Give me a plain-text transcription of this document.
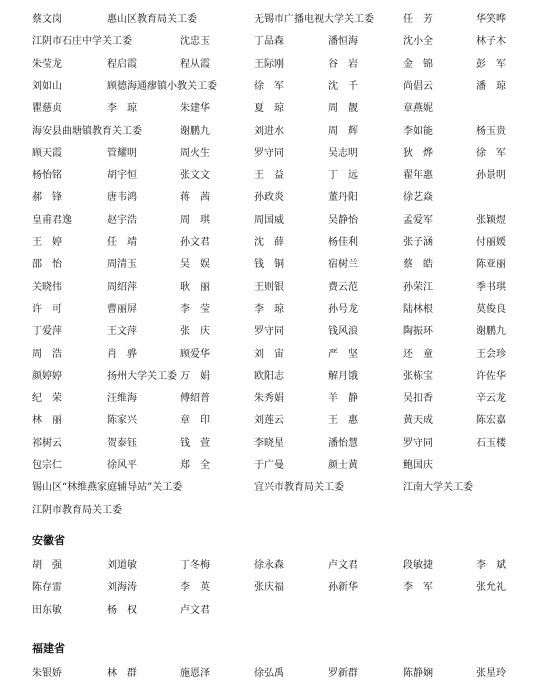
蔡文岗	惠山区教育局关工委	无锡市广播电视大学关工委	任　芳	华笑哗
江阴市石庄中学关工委	沈忠玉	丁品森	潘恒海	沈小全	林子木
朱莹龙	程启霞	程从霞	王际刚	谷　岩	金　锦	彭　军
刘如山	顾德海通瘳镇小教关工委	徐　军	沈　千	尚倡云	潘　琼
瞿慈贞	李　琼	朱建华	夏　琼	周　靓	章燕妮
海安县曲塘镇教育关工委	谢鹏九	刘进水	周　辉	李如能	杨玉贵
顾天霞	管耀明	周火生	罗守同	吴志明	狄　烨	徐　军
杨怡铭	胡宇恒	张文文	王　益	丁　远	翟年惠	孙景明
郝　锋	唐韦鸿	蒋　茜	孙政炎	董丹阳	徐艺焱
皇甫君逸	赵宇浩	周　琪	周国威	吴静怡	孟爱军	张颖煜
王　婷	任　靖	孙文君	沈　薛	杨佳利	张子涵	付丽媛
邵　怡	周清玉	吴　娱	钱　铜	宿树兰	蔡　皓	陈亚丽
关晓伟	周绍萍	耿　丽	王则银	费云范	孙荣江	季书琪
许　可	曹丽屏	李　莹	李　琼	孙号龙	陆林根	莫俊良
丁爱萍	王文萍	张　庆	罗守同	钱风浪	陶振环	谢鹏九
周　浩	肖　骅	顾爱华	刘　宙	严　坚	还　童	王会珍
颜婷婷	扬州大学关工委 万　娟	欧阳志	解月饿	张栋宝	许佐华
纪　荣	汪维海	傅绍普	朱秀娟	羊　静	吴扣香	辛云龙
林　丽	陈家兴	章　印	刘莲云	王　惠	黄天成	陈宏嘉
祁树云	贺泰钰	钱　萱	李晓星	潘怡慧	罗守同	石玉楼
包宗仁	徐风平	郑　全	于广曼	颜士黄	鲍国庆
锡山区“林维燕家庭辅导站”关工委	宜兴市教育局关工委	江南大学关工委
江阴市教育局关工委
安徽省
胡　强	刘道敏	丁冬梅	徐永森	卢文君	段敏捷	李　斌
陈存雷	刘海涛	李　英	张庆福	孙新华	李　军	张允礼
田东敏	杨　权	卢文君
福建省
朱银娇	林　群	施恩泽	徐弘禹	罗新群	陈静娴	张星玲
